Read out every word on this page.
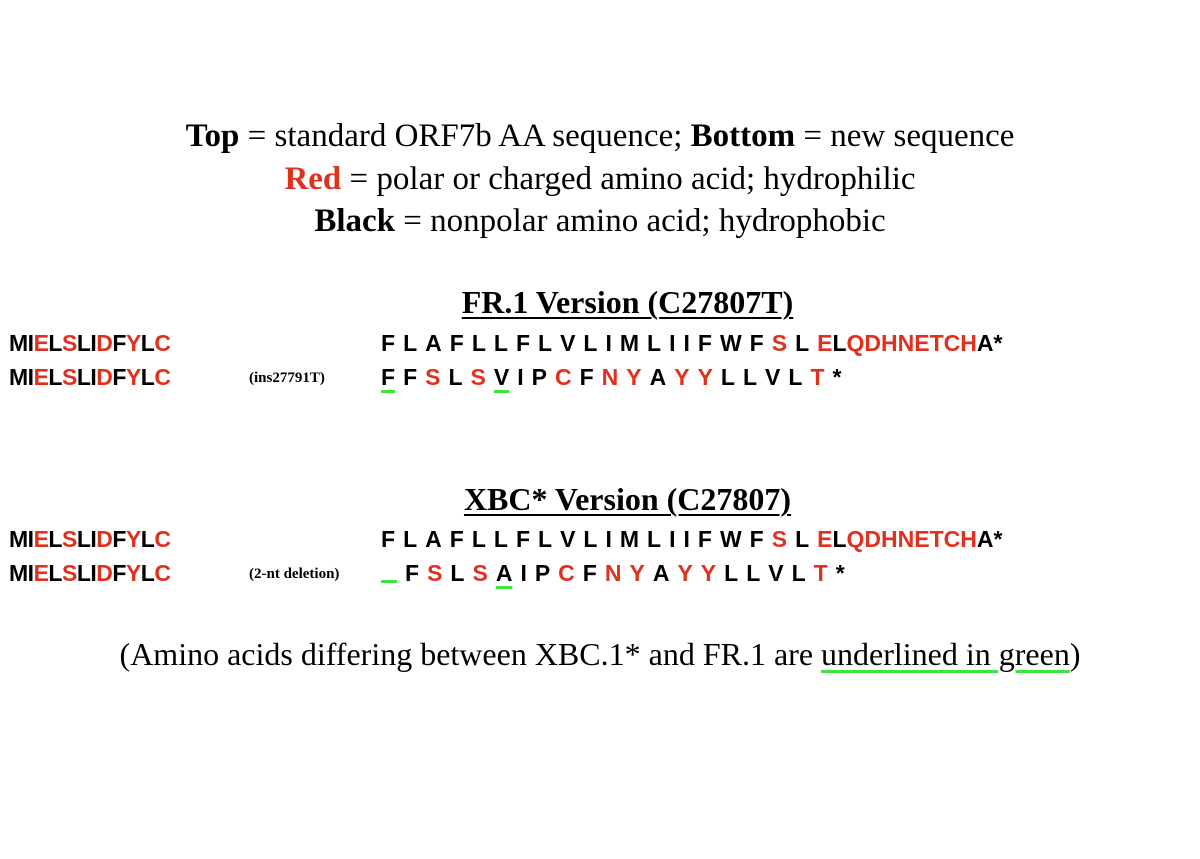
Top = standard ORF7b AA sequence; Bottom = new sequence
Red = polar or charged amino acid; hydrophilic
Black = nonpolar amino acid; hydrophobic
FR.1 Version (C27807T)
MIELSLIDFYLC	F L A F L L F L V L I M L I I F W F S L ELQDHNETCHA*
MIELSLIDFYLC	(ins27791T) F F S L S V I P C F N Y A Y Y L L V L T *
XBC* Version (C27807)
MIELSLIDFYLC	F L A F L L F L V L I M L I I F W F S L ELQDHNETCHA*
MIELSLIDFYLC	(2-nt deletion)	F S L S A I P C F N Y A Y Y L L V L T *
(Amino acids differing between XBC.1* and FR.1 are underlined in green)
